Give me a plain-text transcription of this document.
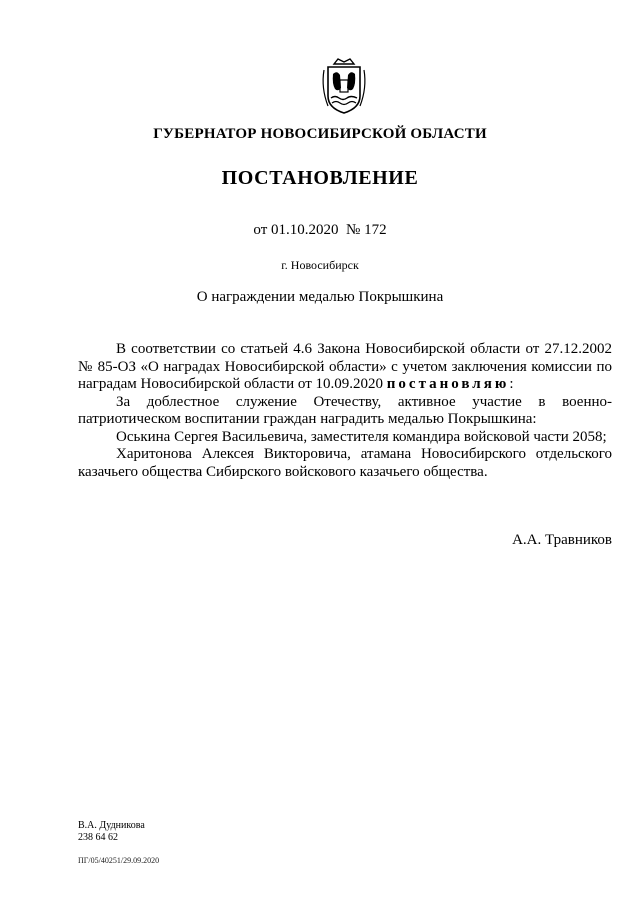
ГУБЕРНАТОР НОВОСИБИРСКОЙ ОБЛАСТИ
ПОСТАНОВЛЕНИЕ
от 01.10.2020  № 172
г. Новосибирск
О награждении медалью Покрышкина

В соответствии со статьей 4.6 Закона Новосибирской области от 27.12.2002 № 85-ОЗ «О наградах Новосибирской области» с учетом заключения комиссии по наградам Новосибирской области от 10.09.2020 постановляю:

За доблестное служение Отечеству, активное участие в военно-патриотическом воспитании граждан наградить медалью Покрышкина:

Оськина Сергея Васильевича, заместителя командира войсковой части 2058;

Харитонова Алексея Викторовича, атамана Новосибирского отдельского казачьего общества Сибирского войскового казачьего общества.

А.А. Травников
В.А. Дудникова
238 64 62
ПГ/05/40251/29.09.2020
